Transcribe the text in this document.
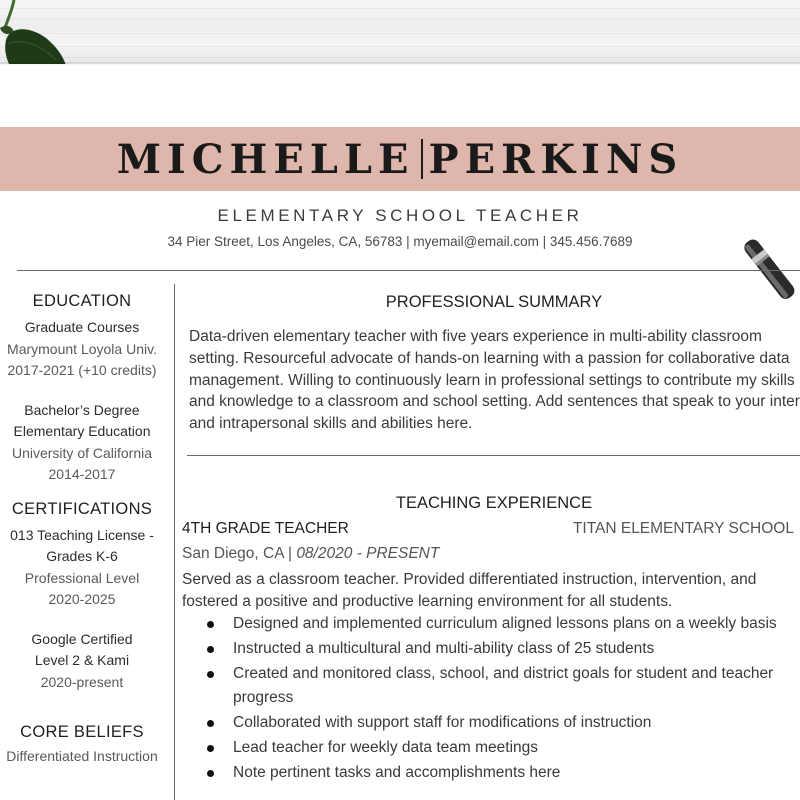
MICHELLE PERKINS
ELEMENTARY SCHOOL TEACHER
34 Pier Street, Los Angeles, CA, 56783 | myemail@email.com | 345.456.7689
EDUCATION
Graduate Courses
Marymount Loyola Univ.
2017-2021 (+10 credits)
Bachelor’s Degree
Elementary Education
University of California
2014-2017
CERTIFICATIONS
013 Teaching License -
Grades K-6
Professional Level
2020-2025
Google Certified
Level 2 & Kami
2020-present
CORE BELIEFS
Differentiated Instruction
PROFESSIONAL SUMMARY
Data-driven elementary teacher with five years experience in multi-ability classroom
setting. Resourceful advocate of hands-on learning with a passion for collaborative data
management. Willing to continuously learn in professional settings to contribute my skills
and knowledge to a classroom and school setting. Add sentences that speak to your inter
and intrapersonal skills and abilities here.
TEACHING EXPERIENCE
4TH GRADE TEACHER	TITAN ELEMENTARY SCHOOL
San Diego, CA | 08/2020 - PRESENT
Served as a classroom teacher. Provided differentiated instruction, intervention, and fostered a positive and productive learning environment for all students.
Designed and implemented curriculum aligned lessons plans on a weekly basis
Instructed a multicultural and multi-ability class of 25 students
Created and monitored class, school, and district goals for student and teacher progress
Collaborated with support staff for modifications of instruction
Lead teacher for weekly data team meetings
Note pertinent tasks and accomplishments here
